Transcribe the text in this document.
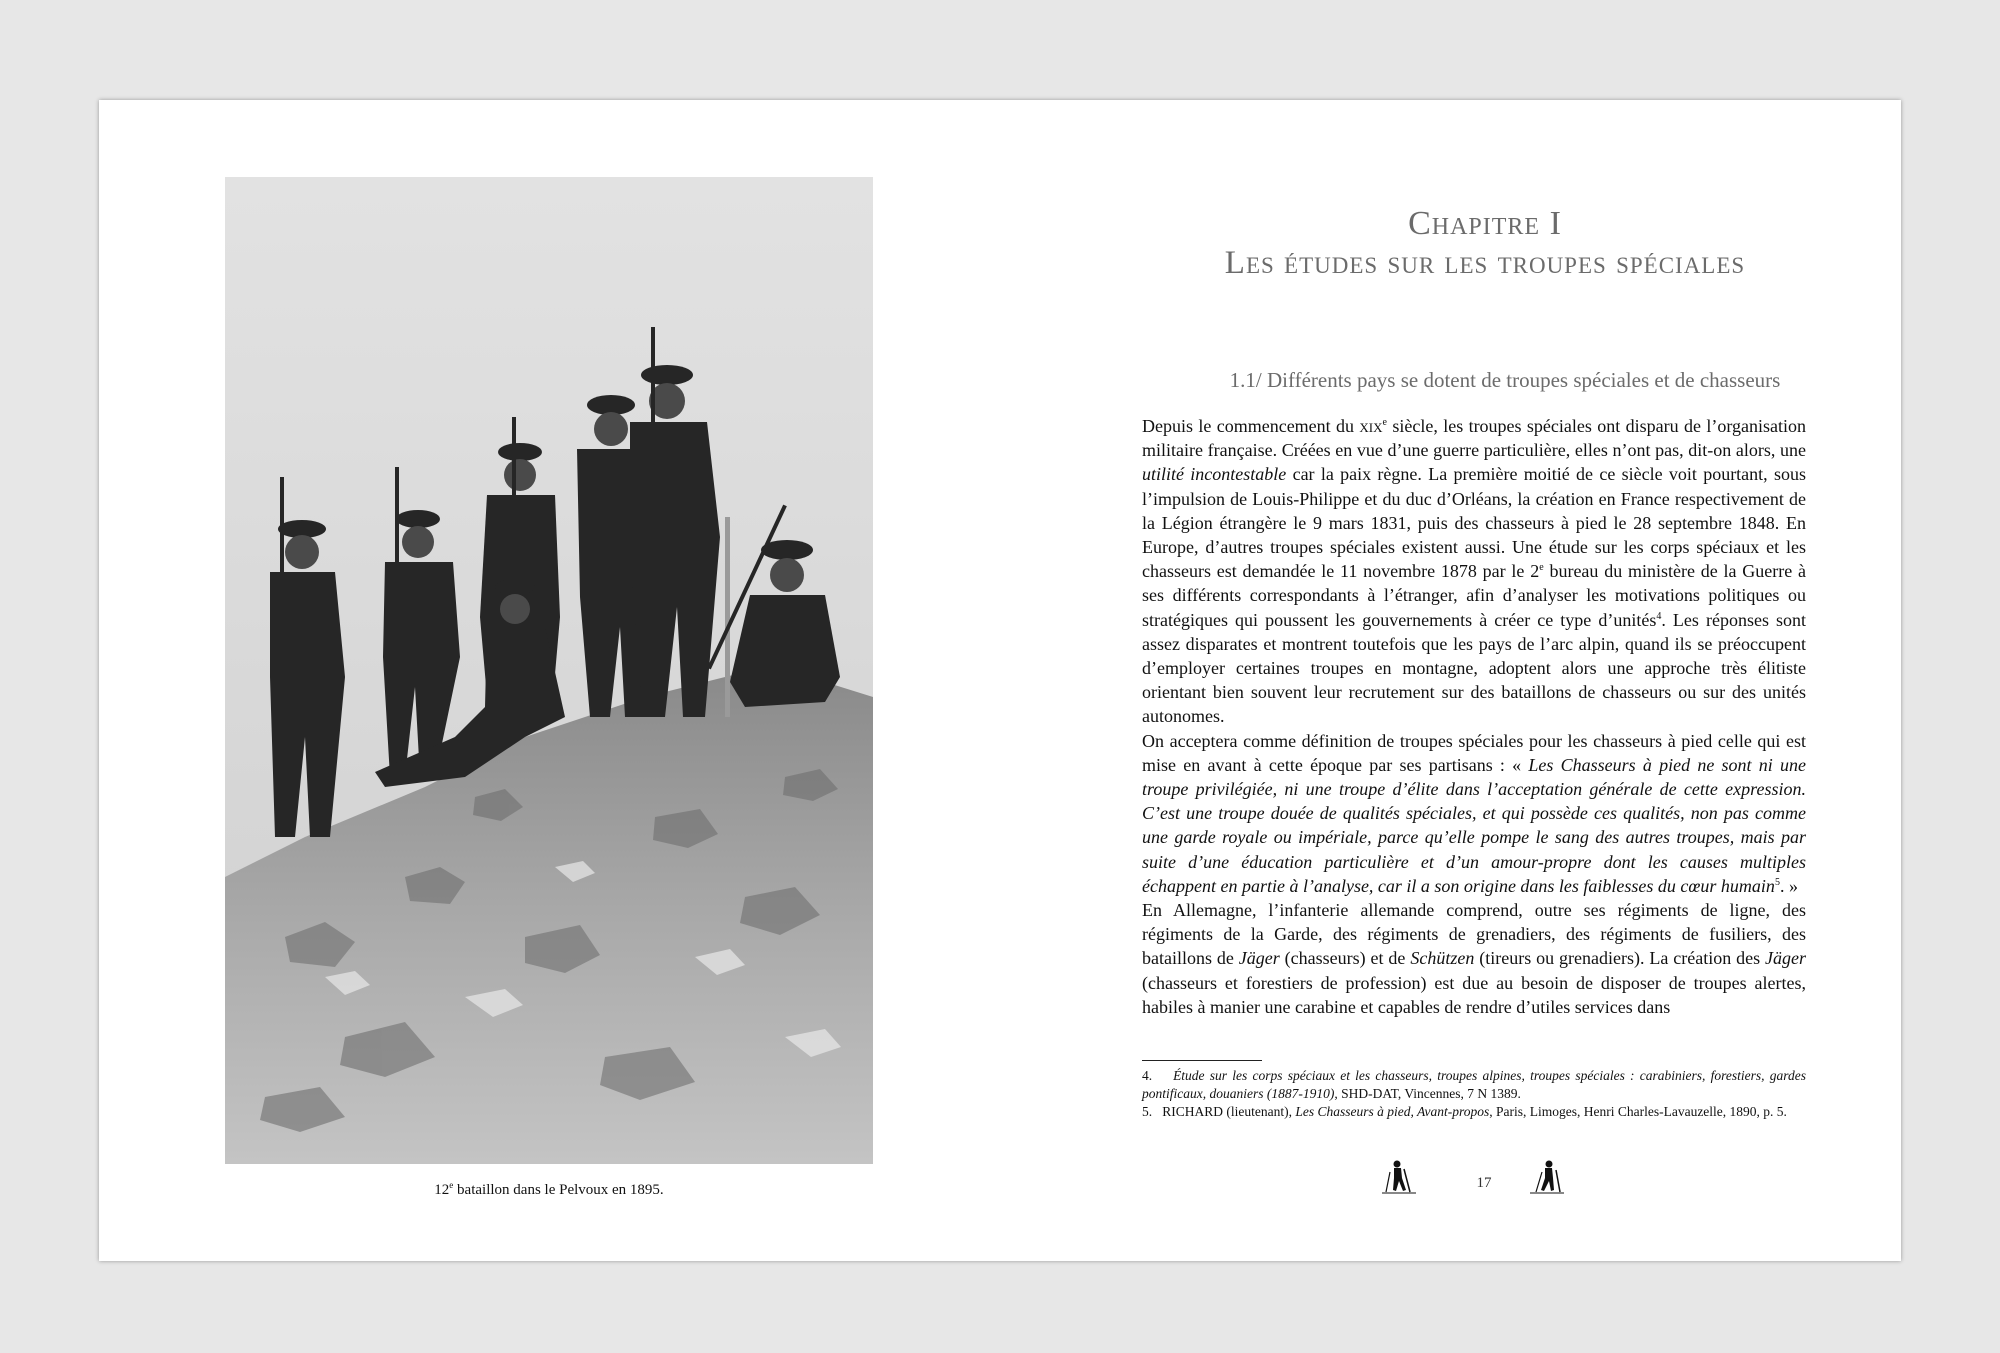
12e bataillon dans le Pelvoux en 1895.
Chapitre I
Les études sur les troupes spéciales
1.1/ Différents pays se dotent de troupes spéciales et de chasseurs

Depuis le commencement du xix$^e$ siècle, les troupes spéciales ont disparu de l’organisation militaire française. Créées en vue d’une guerre particulière, elles n’ont pas, dit-on alors, une utilité incontestable car la paix règne. La première moitié de ce siècle voit pourtant, sous l’impulsion de Louis-Philippe et du duc d’Orléans, la création en France respectivement de la Légion étrangère le 9 mars 1831, puis des chasseurs à pied le 28 septembre 1848. En Europe, d’autres troupes spéciales existent aussi. Une étude sur les corps spéciaux et les chasseurs est demandée le 11 novembre 1878 par le 2e bureau du ministère de la Guerre à ses différents correspondants à l’étranger, afin d’analyser les motivations politiques ou stratégiques qui poussent les gouvernements à créer ce type d’unités$^4$. Les réponses sont assez disparates et montrent toutefois que les pays de l’arc alpin, quand ils se préoccupent d’employer certaines troupes en montagne, adoptent alors une approche très élitiste orientant bien souvent leur recrutement sur des bataillons de chasseurs ou sur des unités autonomes.

On acceptera comme définition de troupes spéciales pour les chasseurs à pied celle qui est mise en avant à cette époque par ses partisans : « Les Chasseurs à pied ne sont ni une troupe privilégiée, ni une troupe d’élite dans l’acceptation générale de cette expression. C’est une troupe douée de qualités spéciales, et qui possède ces qualités, non pas comme une garde royale ou impériale, parce qu’elle pompe le sang des autres troupes, mais par suite d’une éducation particulière et d’un amour-propre dont les causes multiples échappent en partie à l’analyse, car il a son origine dans les faiblesses du cœur humain$^5$. »

En Allemagne, l’infanterie allemande comprend, outre ses régiments de ligne, des régiments de la Garde, des régiments de grenadiers, des régiments de fusiliers, des bataillons de Jäger (chasseurs) et de Schützen (tireurs ou grenadiers). La création des Jäger (chasseurs et forestiers de profession) est due au besoin de disposer de troupes alertes, habiles à manier une carabine et capables de rendre d’utiles services dans

4. Étude sur les corps spéciaux et les chasseurs, troupes alpines, troupes spéciales : carabiniers, forestiers, gardes pontificaux, douaniers (1887-1910), SHD-DAT, Vincennes, 7 N 1389.

5. RICHARD (lieutenant), Les Chasseurs à pied, Avant-propos, Paris, Limoges, Henri Charles-Lavauzelle, 1890, p. 5.

17
